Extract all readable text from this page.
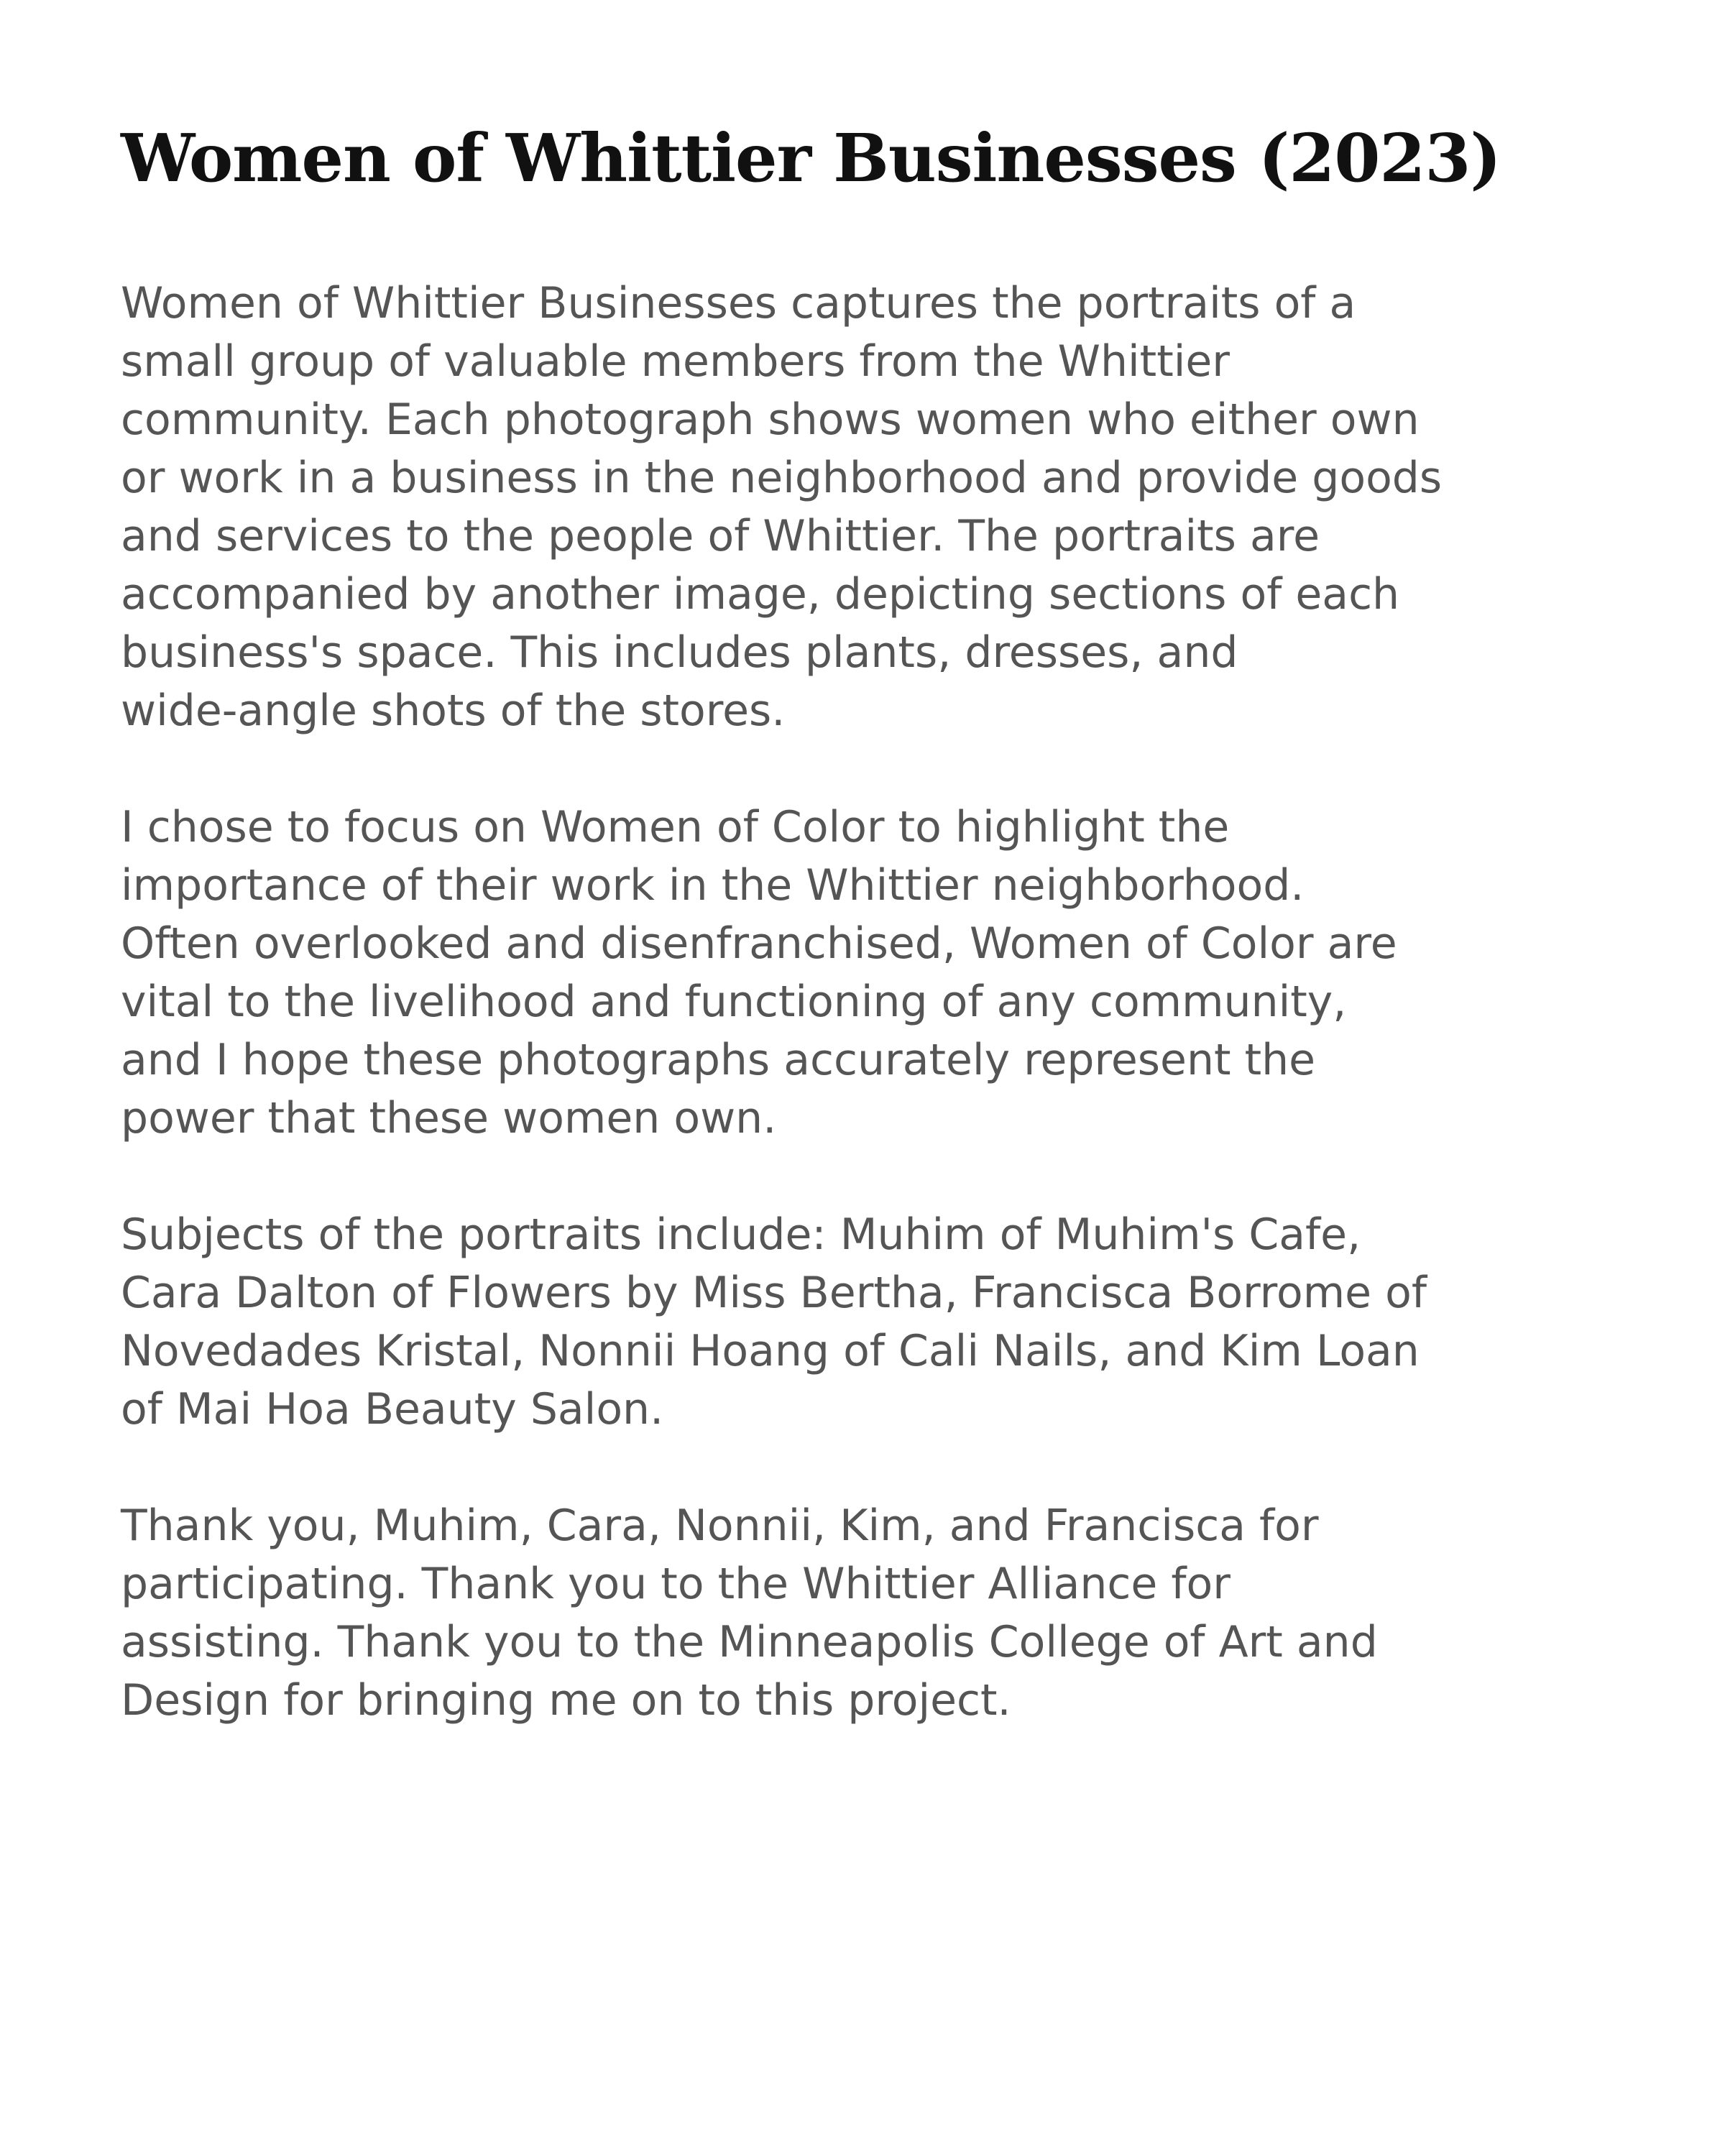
Women of Whittier Businesses (2023)

Women of Whittier Businesses captures the portraits of a
small group of valuable members from the Whittier
community. Each photograph shows women who either own
or work in a business in the neighborhood and provide goods
and services to the people of Whittier. The portraits are
accompanied by another image, depicting sections of each
business's space. This includes plants, dresses, and
wide-angle shots of the stores.

I chose to focus on Women of Color to highlight the
importance of their work in the Whittier neighborhood.
Often overlooked and disenfranchised, Women of Color are
vital to the livelihood and functioning of any community,
and I hope these photographs accurately represent the
power that these women own.

Subjects of the portraits include: Muhim of Muhim's Cafe,
Cara Dalton of Flowers by Miss Bertha, Francisca Borrome of
Novedades Kristal, Nonnii Hoang of Cali Nails, and Kim Loan
of Mai Hoa Beauty Salon.

Thank you, Muhim, Cara, Nonnii, Kim, and Francisca for
participating. Thank you to the Whittier Alliance for
assisting. Thank you to the Minneapolis College of Art and
Design for bringing me on to this project.
